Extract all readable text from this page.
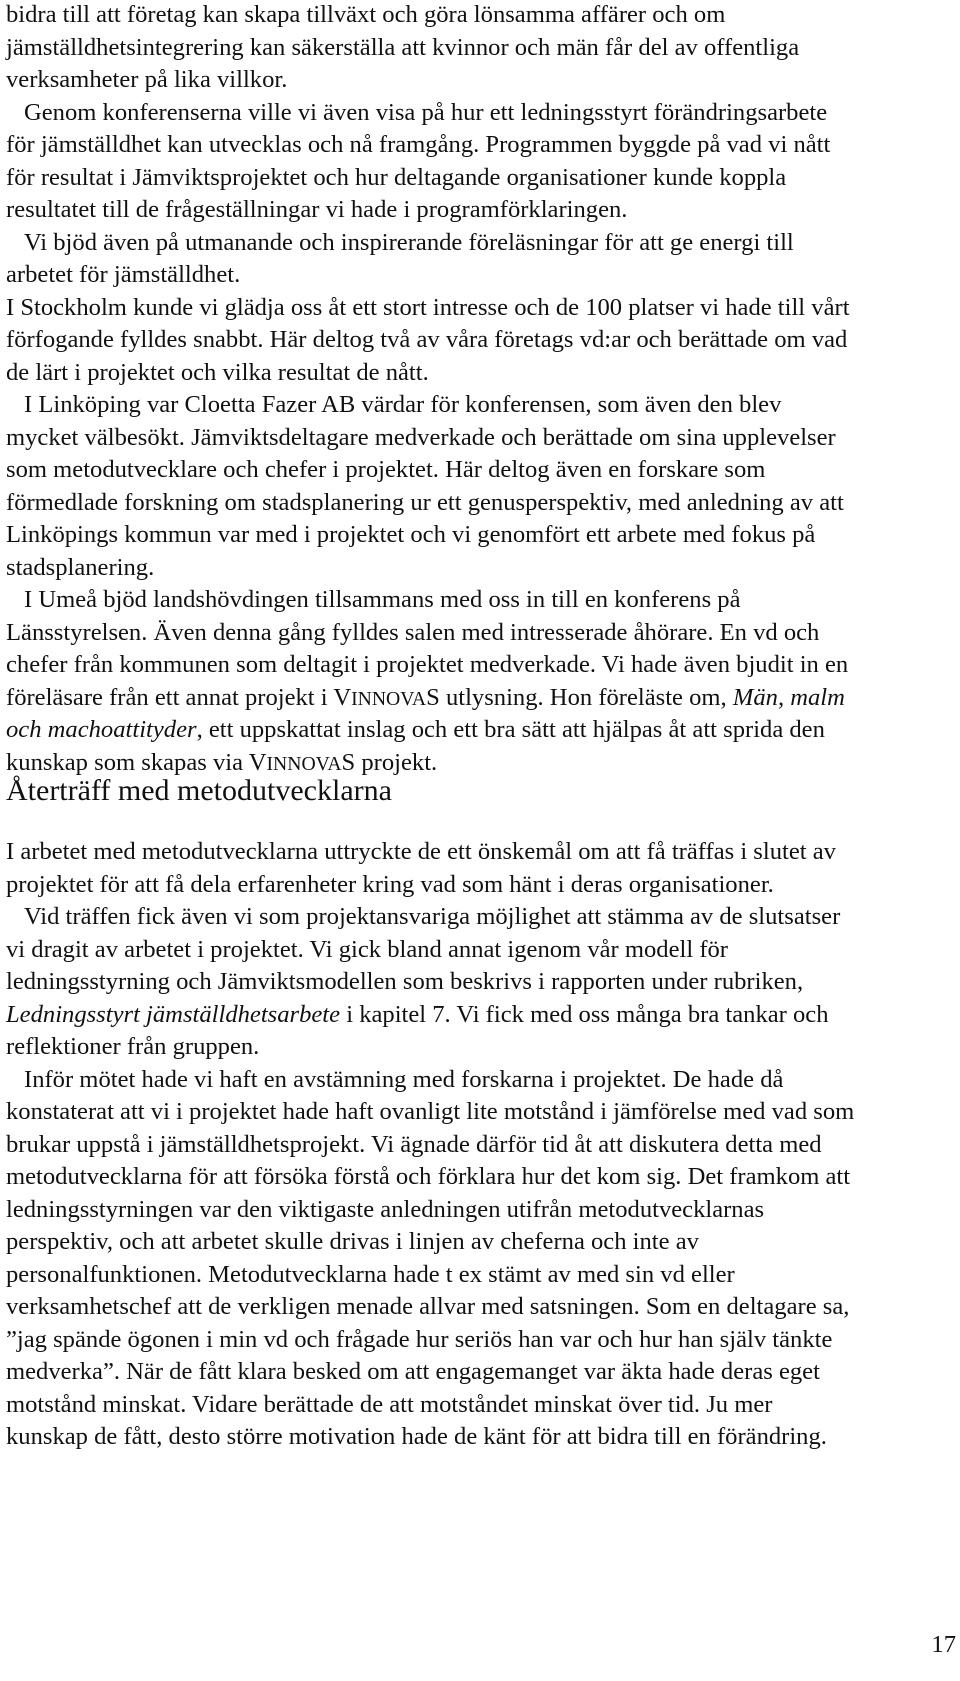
bidra till att företag kan skapa tillväxt och göra lönsamma affärer och om
jämställdhetsintegrering kan säkerställa att kvinnor och män får del av offentliga
verksamheter på lika villkor.
Genom konferenserna ville vi även visa på hur ett ledningsstyrt förändringsarbete
för jämställdhet kan utvecklas och nå framgång. Programmen byggde på vad vi nått
för resultat i Jämviktsprojektet och hur deltagande organisationer kunde koppla
resultatet till de frågeställningar vi hade i programförklaringen.
Vi bjöd även på utmanande och inspirerande föreläsningar för att ge energi till
arbetet för jämställdhet.
I Stockholm kunde vi glädja oss åt ett stort intresse och de 100 platser vi hade till vårt
förfogande fylldes snabbt. Här deltog två av våra företags vd:ar och berättade om vad
de lärt i projektet och vilka resultat de nått.
I Linköping var Cloetta Fazer AB värdar för konferensen, som även den blev
mycket välbesökt. Jämviktsdeltagare medverkade och berättade om sina upplevelser
som metodutvecklare och chefer i projektet. Här deltog även en forskare som
förmedlade forskning om stadsplanering ur ett genusperspektiv, med anledning av att
Linköpings kommun var med i projektet och vi genomfört ett arbete med fokus på
stadsplanering.
I Umeå bjöd landshövdingen tillsammans med oss in till en konferens på
Länsstyrelsen. Även denna gång fylldes salen med intresserade åhörare. En vd och
chefer från kommunen som deltagit i projektet medverkade. Vi hade även bjudit in en
föreläsare från ett annat projekt i VINNOVAS utlysning. Hon föreläste om, Män, malm
och machoattityder, ett uppskattat inslag och ett bra sätt att hjälpas åt att sprida den
kunskap som skapas via VINNOVAS projekt.
Återträff med metodutvecklarna
I arbetet med metodutvecklarna uttryckte de ett önskemål om att få träffas i slutet av
projektet för att få dela erfarenheter kring vad som hänt i deras organisationer.
Vid träffen fick även vi som projektansvariga möjlighet att stämma av de slutsatser
vi dragit av arbetet i projektet. Vi gick bland annat igenom vår modell för
ledningsstyrning och Jämviktsmodellen som beskrivs i rapporten under rubriken,
Ledningsstyrt jämställdhetsarbete i kapitel 7. Vi fick med oss många bra tankar och
reflektioner från gruppen.
Inför mötet hade vi haft en avstämning med forskarna i projektet. De hade då
konstaterat att vi i projektet hade haft ovanligt lite motstånd i jämförelse med vad som
brukar uppstå i jämställdhetsprojekt. Vi ägnade därför tid åt att diskutera detta med
metodutvecklarna för att försöka förstå och förklara hur det kom sig. Det framkom att
ledningsstyrningen var den viktigaste anledningen utifrån metodutvecklarnas
perspektiv, och att arbetet skulle drivas i linjen av cheferna och inte av
personalfunktionen. Metodutvecklarna hade t ex stämt av med sin vd eller
verksamhetschef att de verkligen menade allvar med satsningen. Som en deltagare sa,
”jag spände ögonen i min vd och frågade hur seriös han var och hur han själv tänkte
medverka”. När de fått klara besked om att engagemanget var äkta hade deras eget
motstånd minskat. Vidare berättade de att motståndet minskat över tid. Ju mer
kunskap de fått, desto större motivation hade de känt för att bidra till en förändring.
17
